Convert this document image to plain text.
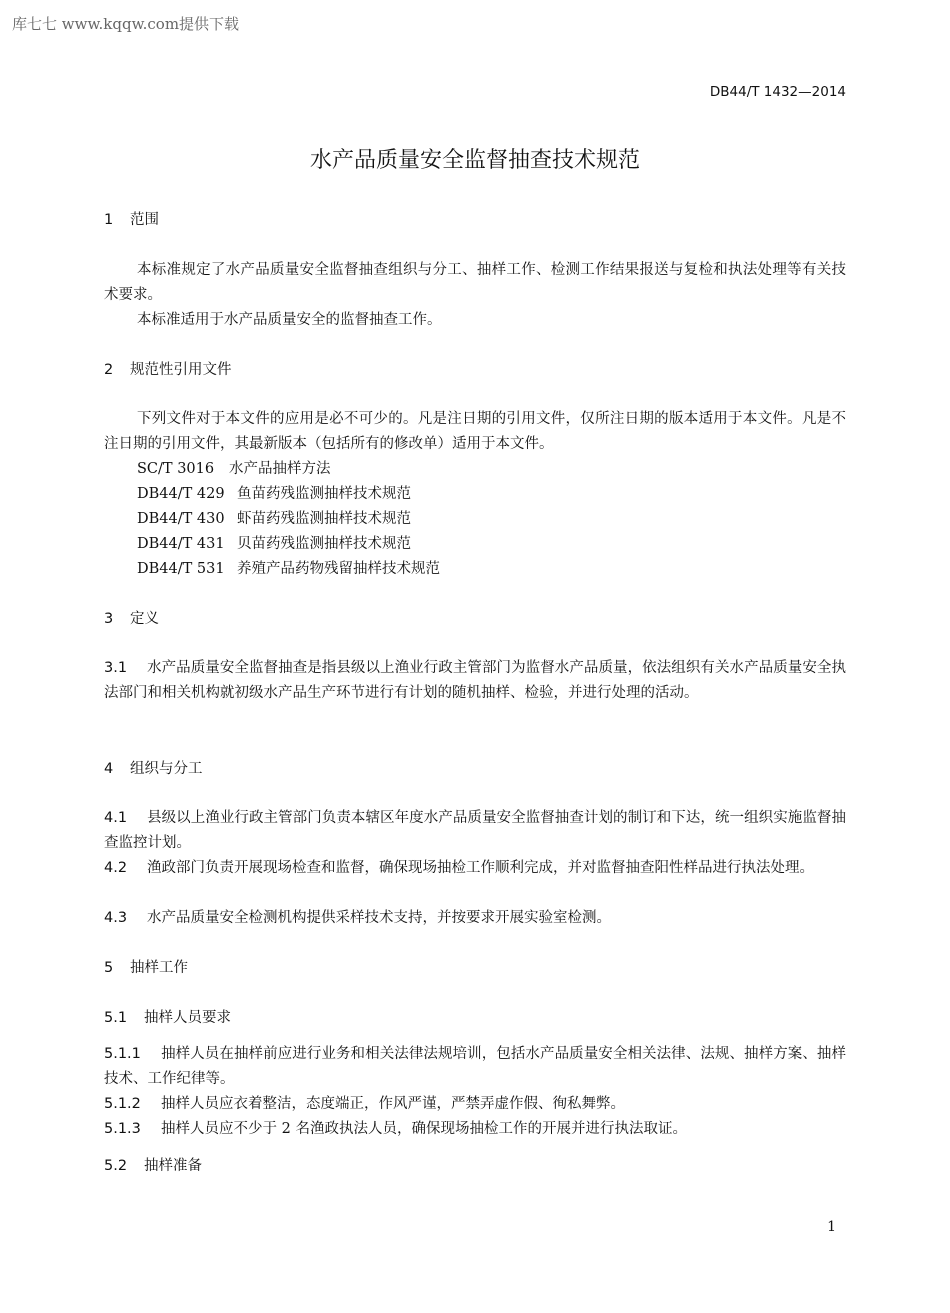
库七七 www.kqqw.com提供下载
DB44/T 1432—2014
水产品质量安全监督抽查技术规范
1 范围
本标准规定了水产品质量安全监督抽查组织与分工、抽样工作、检测工作结果报送与复检和执法处理等有关技术要求。
本标准适用于水产品质量安全的监督抽查工作。
2 规范性引用文件
下列文件对于本文件的应用是必不可少的。凡是注日期的引用文件，仅所注日期的版本适用于本文件。凡是不注日期的引用文件，其最新版本（包括所有的修改单）适用于本文件。
SC/T 3016 水产品抽样方法
DB44/T 429 鱼苗药残监测抽样技术规范
DB44/T 430 虾苗药残监测抽样技术规范
DB44/T 431 贝苗药残监测抽样技术规范
DB44/T 531 养殖产品药物残留抽样技术规范
3 定义
3.1 水产品质量安全监督抽查是指县级以上渔业行政主管部门为监督水产品质量，依法组织有关水产品质量安全执法部门和相关机构就初级水产品生产环节进行有计划的随机抽样、检验，并进行处理的活动。
4 组织与分工
4.1 县级以上渔业行政主管部门负责本辖区年度水产品质量安全监督抽查计划的制订和下达，统一组织实施监督抽查监控计划。
4.2 渔政部门负责开展现场检查和监督，确保现场抽检工作顺利完成，并对监督抽查阳性样品进行执法处理。
4.3 水产品质量安全检测机构提供采样技术支持，并按要求开展实验室检测。
5 抽样工作
5.1 抽样人员要求
5.1.1 抽样人员在抽样前应进行业务和相关法律法规培训，包括水产品质量安全相关法律、法规、抽样方案、抽样技术、工作纪律等。
5.1.2 抽样人员应衣着整洁，态度端正，作风严谨，严禁弄虚作假、徇私舞弊。
5.1.3 抽样人员应不少于 2 名渔政执法人员，确保现场抽检工作的开展并进行执法取证。
5.2 抽样准备
1
